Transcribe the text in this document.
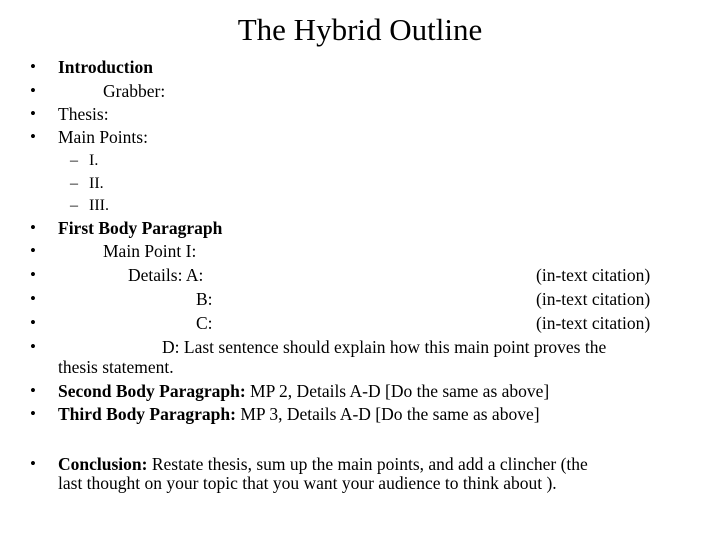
The Hybrid Outline
• Introduction
•	Grabber:
• Thesis:
• Main Points:
– I.
– II.
– III.
• First Body Paragraph
•	Main Point I:
•	Details: A:	(in-text citation)
•	B:	(in-text citation)
•	C:	(in-text citation)
•	D: Last sentence should explain how this main point proves the
thesis statement.
• Second Body Paragraph: MP 2, Details A-D [Do the same as above]
• Third Body Paragraph: MP 3, Details A-D [Do the same as above]
• Conclusion: Restate thesis, sum up the main points, and add a clincher (the
last thought on your topic that you want your audience to think about ).
